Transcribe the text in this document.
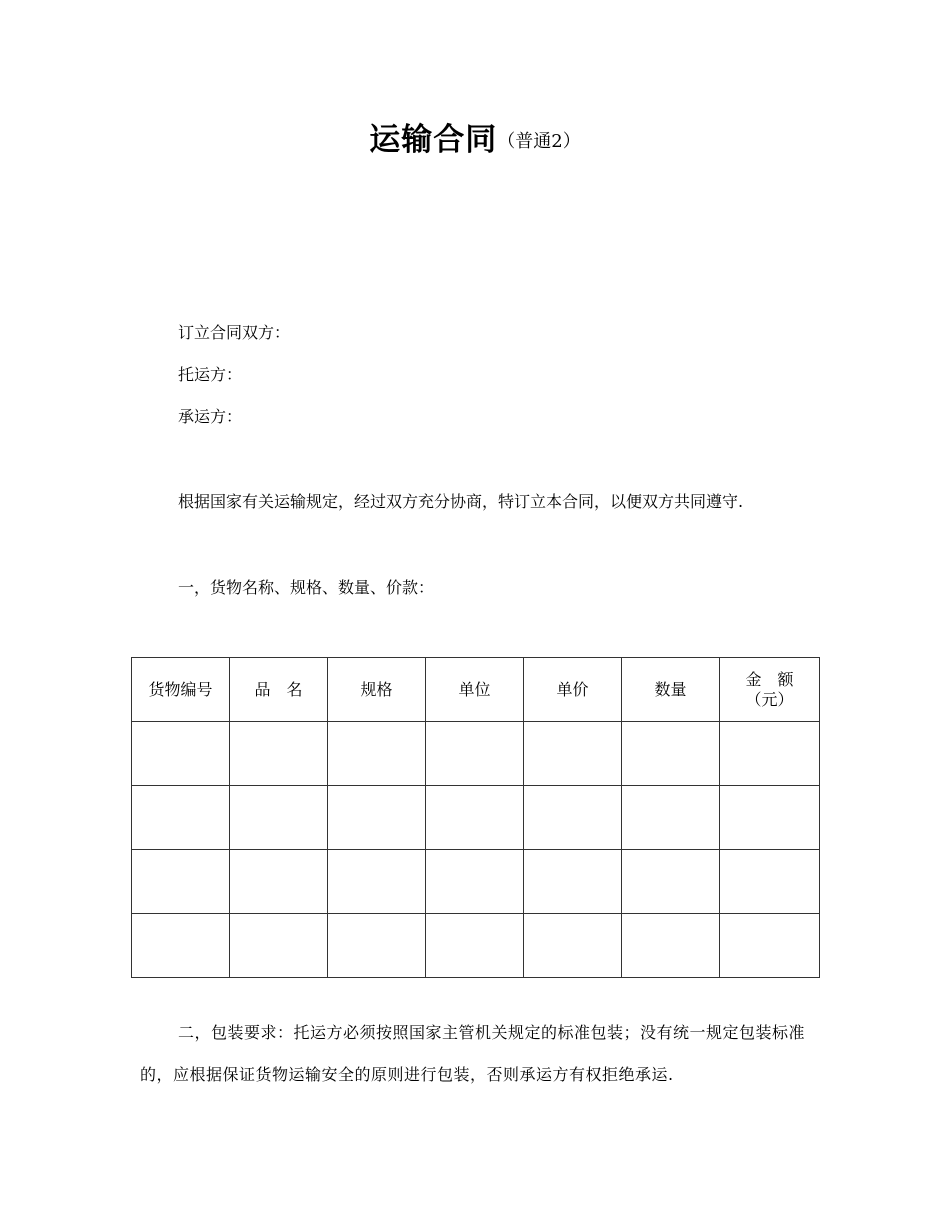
运输合同（普通2）
订立合同双方：
托运方：
承运方：
根据国家有关运输规定，经过双方充分协商，特订立本合同，以便双方共同遵守.
一，货物名称、规格、数量、价款：
货物编号	品　名	规格	单位	单价	数量	金　额
（元）

二，包装要求：托运方必须按照国家主管机关规定的标准包装；没有统一规定包装标准的，应根据保证货物运输安全的原则进行包装，否则承运方有权拒绝承运.
